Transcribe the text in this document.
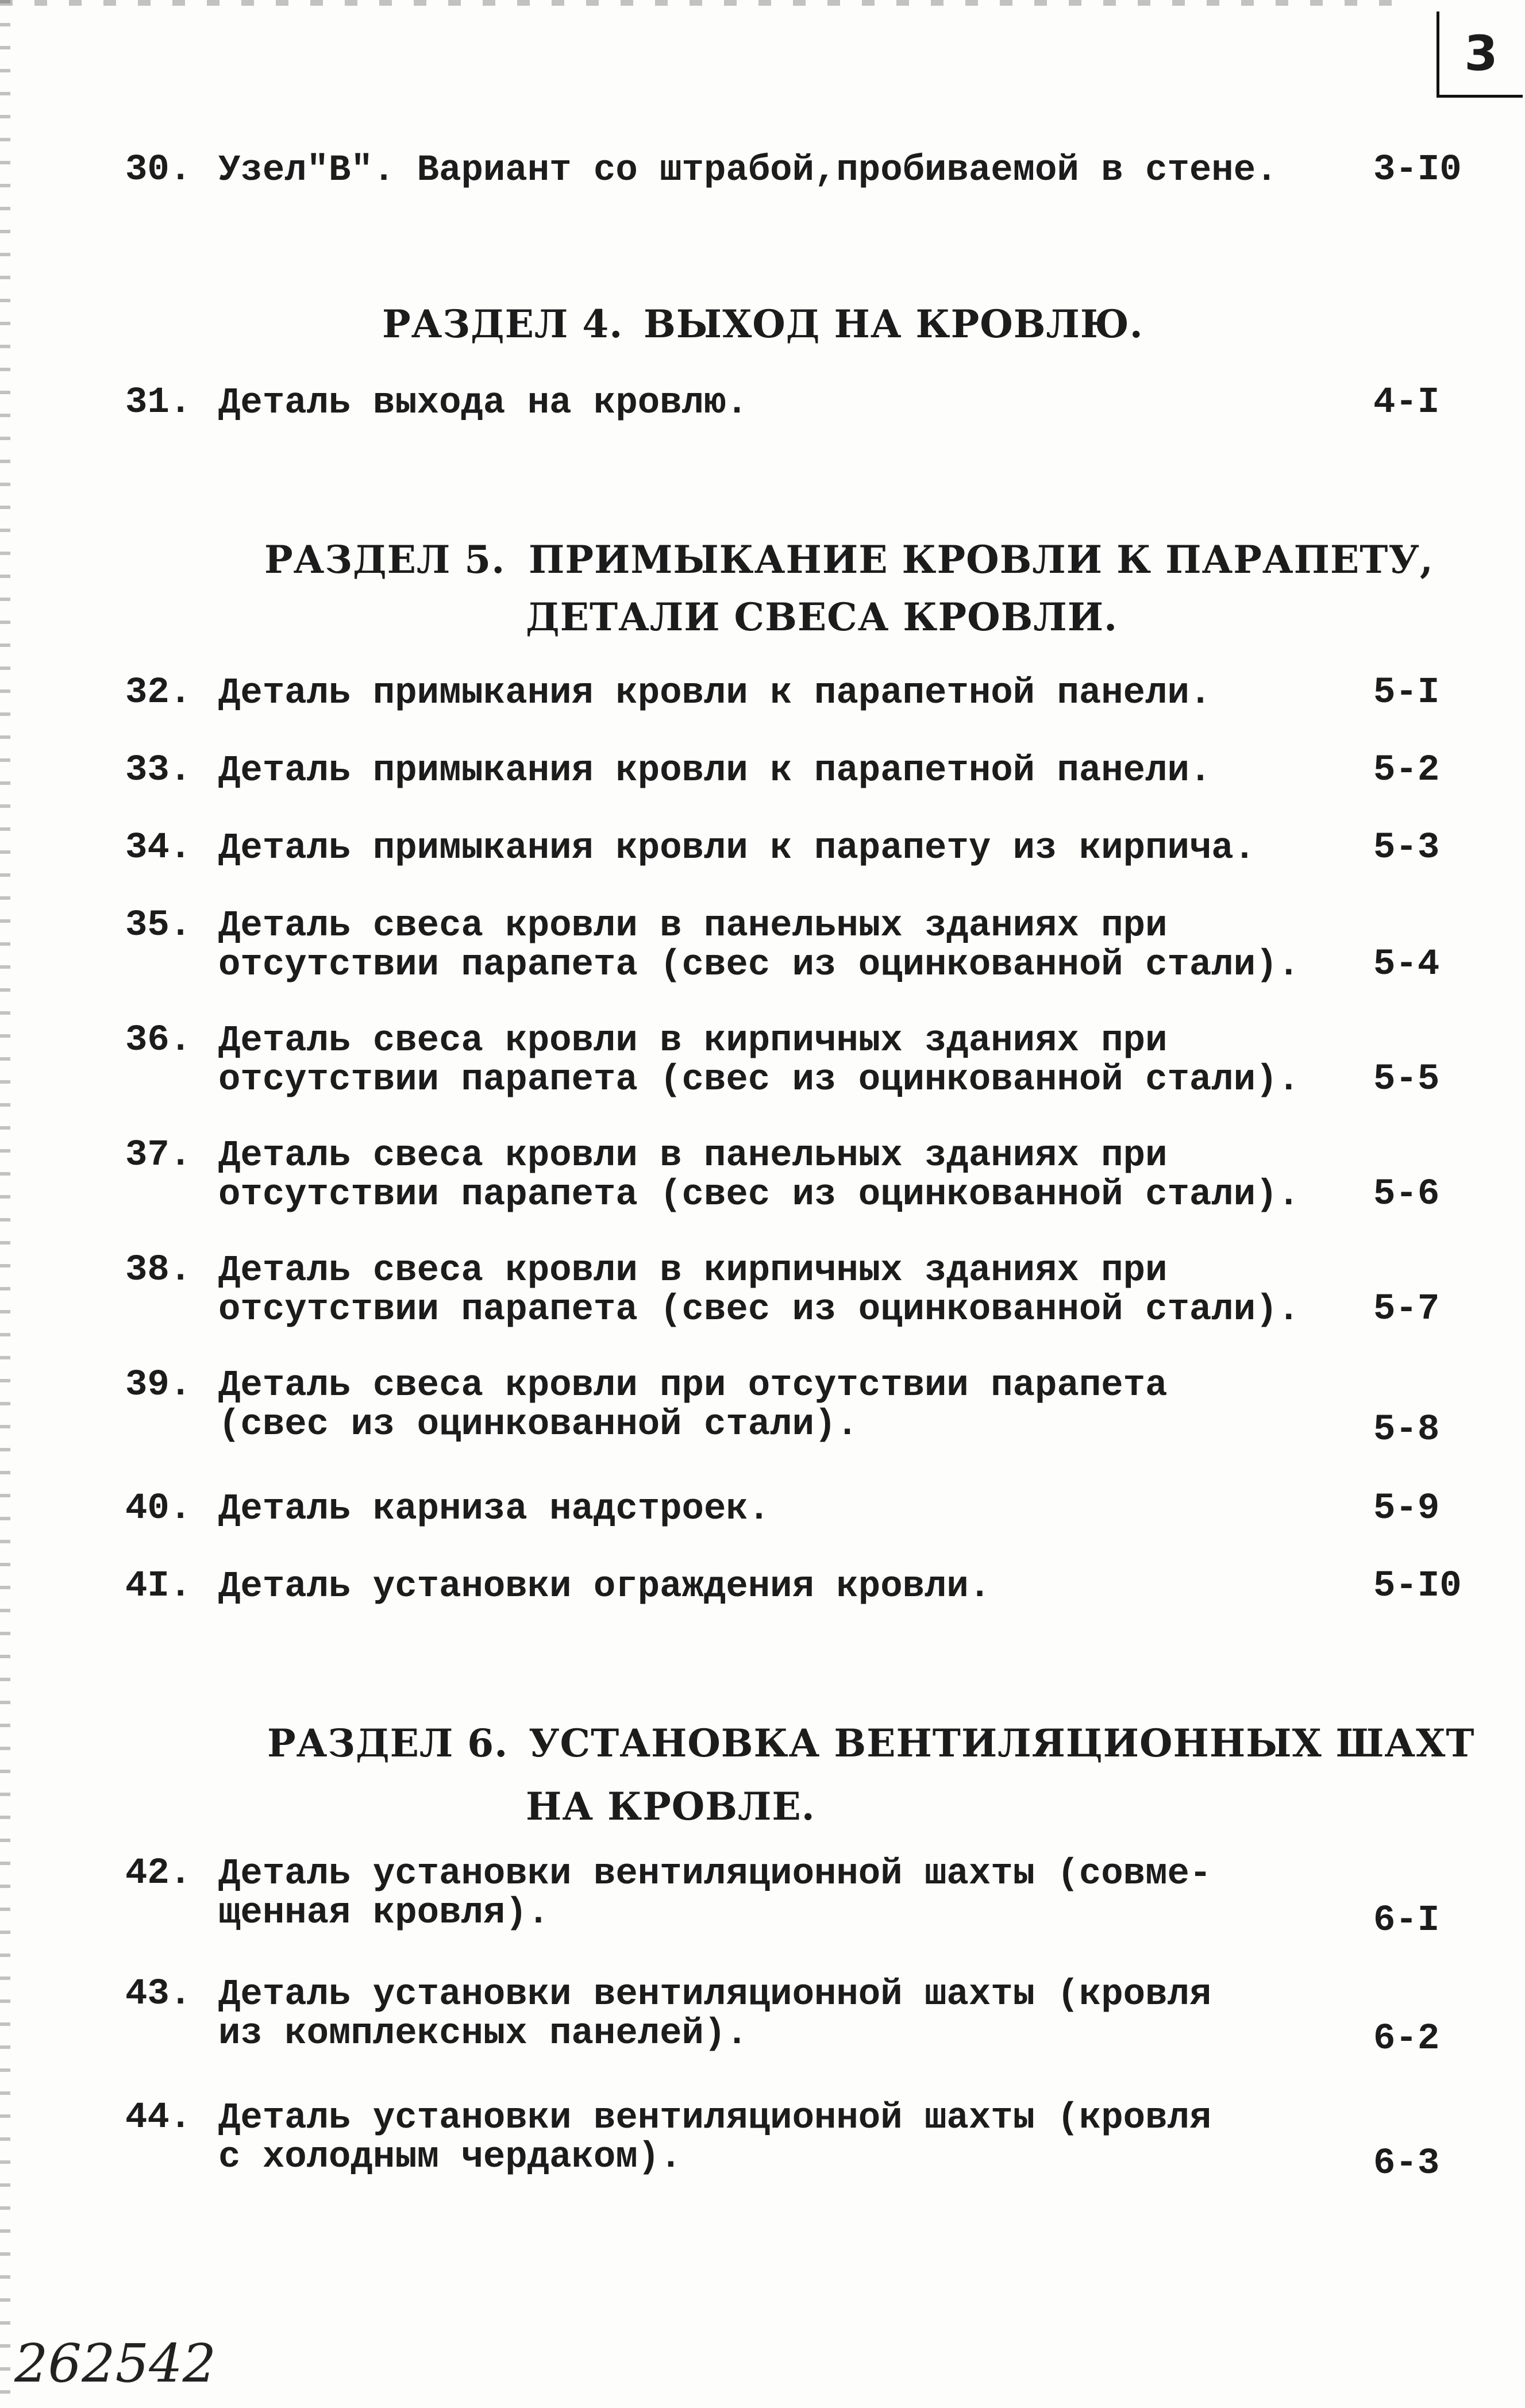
3
30. Узел"В". Вариант со штрабой,пробиваемой в стене.	3-I0
РАЗДЕЛ 4. ВЫХОД НА КРОВЛЮ.
31. Деталь выхода на кровлю.	4-I
РАЗДЕЛ 5. ПРИМЫКАНИЕ КРОВЛИ К ПАРАПЕТУ,
ДЕТАЛИ СВЕСА КРОВЛИ.
32. Деталь примыкания кровли к парапетной панели.	5-I
33. Деталь примыкания кровли к парапетной панели.	5-2
34. Деталь примыкания кровли к парапету из кирпича.	5-3
35. Деталь свеса кровли в панельных зданиях при
отсутствии парапета (свес из оцинкованной стали). 5-4
36. Деталь свеса кровли в кирпичных зданиях при
отсутствии парапета (свес из оцинкованной стали). 5-5
37. Деталь свеса кровли в панельных зданиях при
отсутствии парапета (свес из оцинкованной стали). 5-6
38. Деталь свеса кровли в кирпичных зданиях при
отсутствии парапета (свес из оцинкованной стали). 5-7
39. Деталь свеса кровли при отсутствии парапета
(свес из оцинкованной стали).	5-8
40. Деталь карниза надстроек.	5-9
4I. Деталь установки ограждения кровли.	5-I0
РАЗДЕЛ 6. УСТАНОВКА ВЕНТИЛЯЦИОННЫХ ШАХТ
НА КРОВЛЕ.
42. Деталь установки вентиляционной шахты (совме-
щенная кровля).	6-I
43. Деталь установки вентиляционной шахты (кровля
из комплексных панелей).	6-2
44. Деталь установки вентиляционной шахты (кровля
с холодным чердаком).	6-3
262542
